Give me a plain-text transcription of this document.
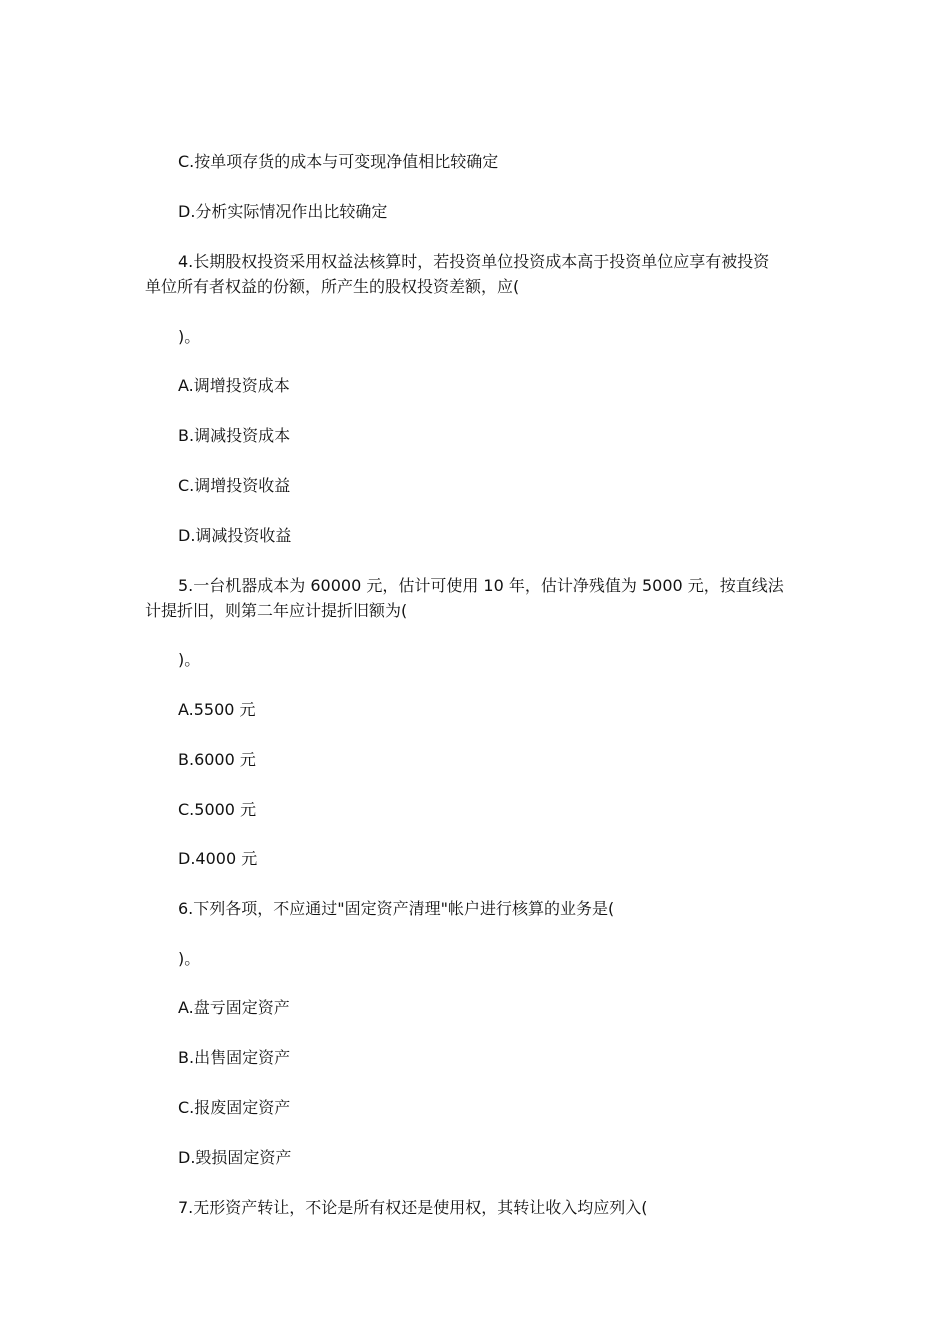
C.按单项存货的成本与可变现净值相比较确定
D.分析实际情况作出比较确定
4.长期股权投资采用权益法核算时，若投资单位投资成本高于投资单位应享有被投资
单位所有者权益的份额，所产生的股权投资差额，应(
)。
A.调增投资成本
B.调减投资成本
C.调增投资收益
D.调减投资收益
5.一台机器成本为 60000 元，估计可使用 10 年，估计净残值为 5000 元，按直线法
计提折旧，则第二年应计提折旧额为(
)。
A.5500 元
B.6000 元
C.5000 元
D.4000 元
6.下列各项，不应通过"固定资产清理"帐户进行核算的业务是(
)。
A.盘亏固定资产
B.出售固定资产
C.报废固定资产
D.毁损固定资产
7.无形资产转让，不论是所有权还是使用权，其转让收入均应列入(
